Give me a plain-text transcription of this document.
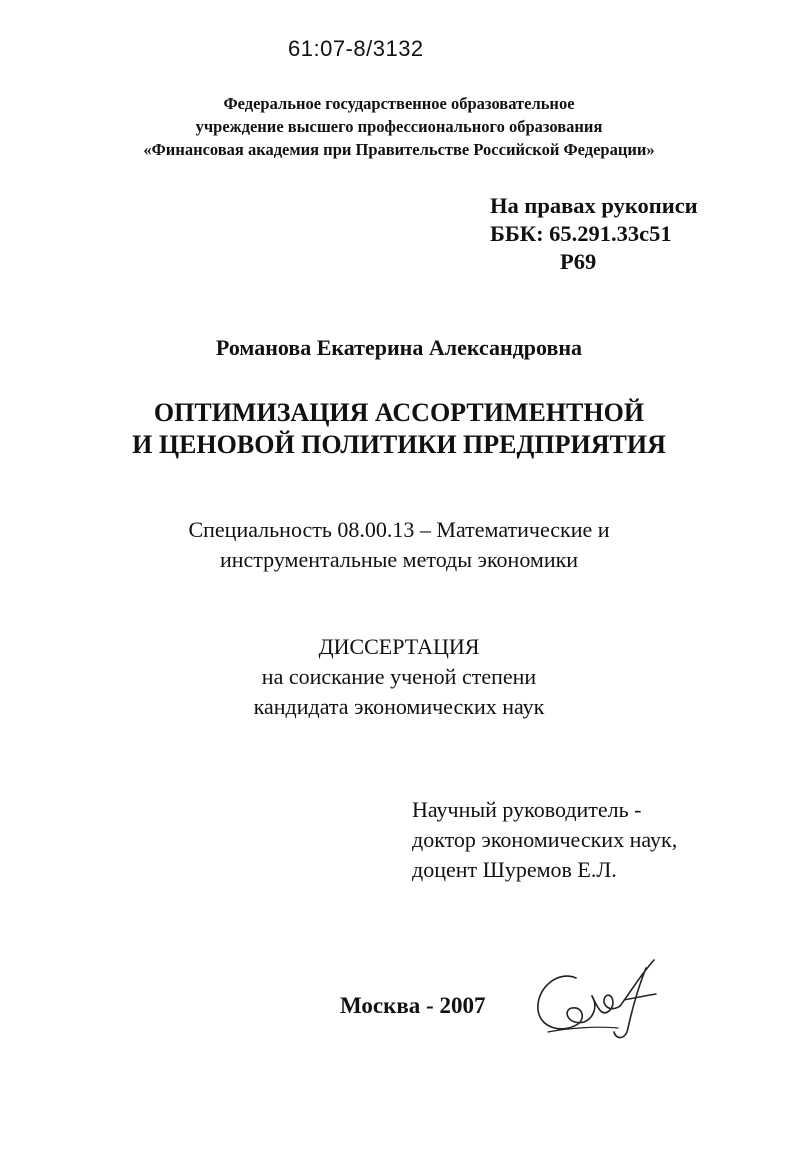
61:07-8/3132
Федеральное государственное образовательное
учреждение высшего профессионального образования
«Финансовая академия при Правительстве Российской Федерации»
На правах рукописи
ББК: 65.291.33с51
Р69
Романова Екатерина Александровна
ОПТИМИЗАЦИЯ АССОРТИМЕНТНОЙ
И ЦЕНОВОЙ ПОЛИТИКИ ПРЕДПРИЯТИЯ
Специальность 08.00.13 – Математические и
инструментальные методы экономики
ДИССЕРТАЦИЯ
на соискание ученой степени
кандидата экономических наук
Научный руководитель -
доктор экономических наук,
доцент Шуремов Е.Л.
Москва - 2007
